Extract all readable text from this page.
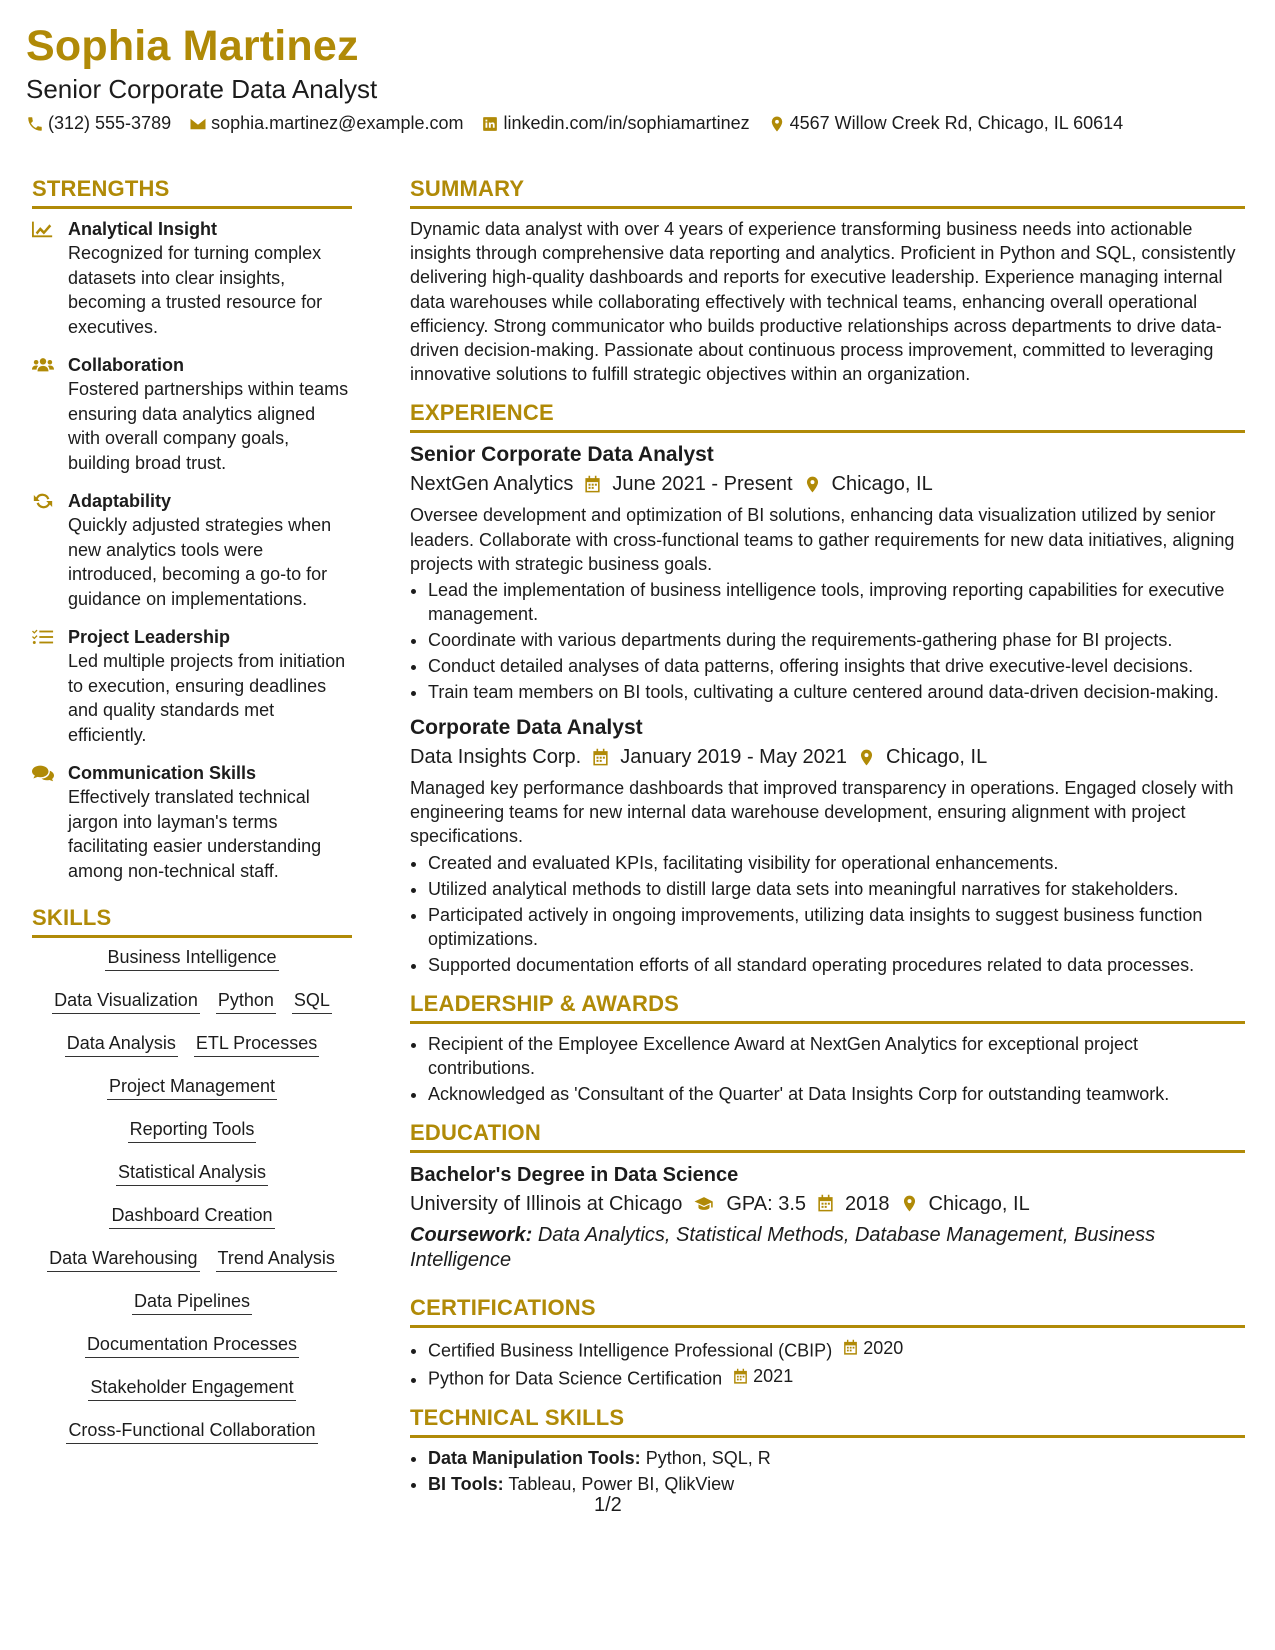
Sophia Martinez
Senior Corporate Data Analyst
(312) 555-3789 sophia.martinez@example.com linkedin.com/in/sophiamartinez 4567 Willow Creek Rd, Chicago, IL 60614
STRENGTHS
Analytical Insight
Recognized for turning complex datasets into clear insights, becoming a trusted resource for executives.
Collaboration
Fostered partnerships within teams ensuring data analytics aligned with overall company goals, building broad trust.
Adaptability
Quickly adjusted strategies when new analytics tools were introduced, becoming a go-to for guidance on implementations.
Project Leadership
Led multiple projects from initiation to execution, ensuring deadlines and quality standards met efficiently.
Communication Skills
Effectively translated technical jargon into layman's terms facilitating easier understanding among non-technical staff.
SKILLS
Business Intelligence
Data Visualization Python SQL
Data Analysis ETL Processes
Project Management
Reporting Tools
Statistical Analysis
Dashboard Creation
Data Warehousing Trend Analysis
Data Pipelines
Documentation Processes
Stakeholder Engagement
Cross-Functional Collaboration
SUMMARY
Dynamic data analyst with over 4 years of experience transforming business needs into actionable insights through comprehensive data reporting and analytics. Proficient in Python and SQL, consistently delivering high-quality dashboards and reports for executive leadership. Experience managing internal data warehouses while collaborating effectively with technical teams, enhancing overall operational efficiency. Strong communicator who builds productive relationships across departments to drive data-driven decision-making. Passionate about continuous process improvement, committed to leveraging innovative solutions to fulfill strategic objectives within an organization.
EXPERIENCE
Senior Corporate Data Analyst
NextGen Analytics June 2021 - Present Chicago, IL
Oversee development and optimization of BI solutions, enhancing data visualization utilized by senior leaders. Collaborate with cross-functional teams to gather requirements for new data initiatives, aligning projects with strategic business goals.
• Lead the implementation of business intelligence tools, improving reporting capabilities for executive management.
• Coordinate with various departments during the requirements-gathering phase for BI projects.
• Conduct detailed analyses of data patterns, offering insights that drive executive-level decisions.
• Train team members on BI tools, cultivating a culture centered around data-driven decision-making.
Corporate Data Analyst
Data Insights Corp. January 2019 - May 2021 Chicago, IL
Managed key performance dashboards that improved transparency in operations. Engaged closely with engineering teams for new internal data warehouse development, ensuring alignment with project specifications.
• Created and evaluated KPIs, facilitating visibility for operational enhancements.
• Utilized analytical methods to distill large data sets into meaningful narratives for stakeholders.
• Participated actively in ongoing improvements, utilizing data insights to suggest business function optimizations.
• Supported documentation efforts of all standard operating procedures related to data processes.
LEADERSHIP & AWARDS
• Recipient of the Employee Excellence Award at NextGen Analytics for exceptional project contributions.
• Acknowledged as 'Consultant of the Quarter' at Data Insights Corp for outstanding teamwork.
EDUCATION
Bachelor's Degree in Data Science
University of Illinois at Chicago GPA: 3.5 2018 Chicago, IL
Coursework: Data Analytics, Statistical Methods, Database Management, Business Intelligence
CERTIFICATIONS
• Certified Business Intelligence Professional (CBIP) 2020
• Python for Data Science Certification 2021
TECHNICAL SKILLS
• Data Manipulation Tools: Python, SQL, R
• BI Tools: Tableau, Power BI, QlikView
1/2
